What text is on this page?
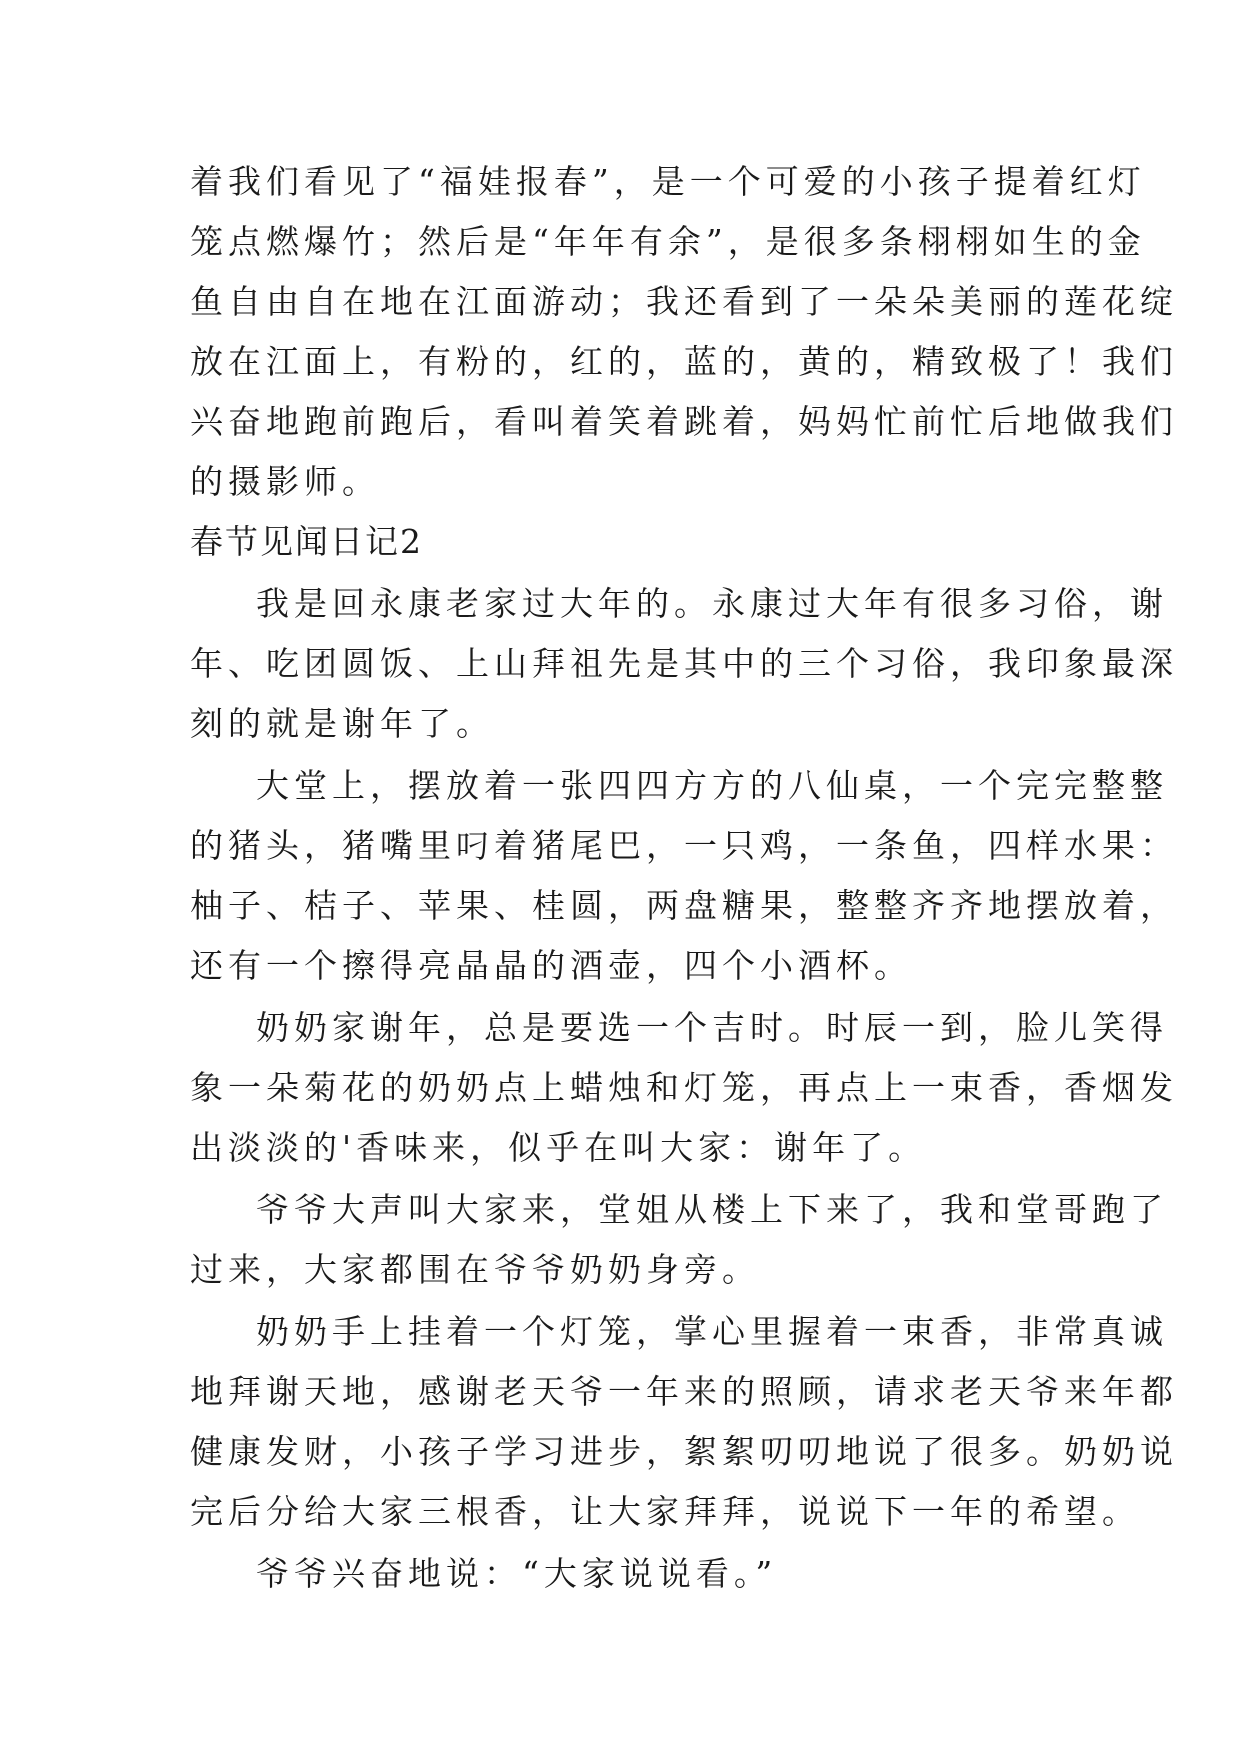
着我们看见了“福娃报春”，是一个可爱的小孩子提着红灯
笼点燃爆竹；然后是“年年有余”，是很多条栩栩如生的金
鱼自由自在地在江面游动；我还看到了一朵朵美丽的莲花绽
放在江面上，有粉的，红的，蓝的，黄的，精致极了！我们
兴奋地跑前跑后，看叫着笑着跳着，妈妈忙前忙后地做我们
的摄影师。
春节见闻日记2
我是回永康老家过大年的。永康过大年有很多习俗，谢
年、吃团圆饭、上山拜祖先是其中的三个习俗，我印象最深
刻的就是谢年了。
大堂上，摆放着一张四四方方的八仙桌，一个完完整整
的猪头，猪嘴里叼着猪尾巴，一只鸡，一条鱼，四样水果：
柚子、桔子、苹果、桂圆，两盘糖果，整整齐齐地摆放着，
还有一个擦得亮晶晶的酒壶，四个小酒杯。
奶奶家谢年，总是要选一个吉时。时辰一到，脸儿笑得
象一朵菊花的奶奶点上蜡烛和灯笼，再点上一束香，香烟发
出淡淡的'香味来，似乎在叫大家：谢年了。
爷爷大声叫大家来，堂姐从楼上下来了，我和堂哥跑了
过来，大家都围在爷爷奶奶身旁。
奶奶手上挂着一个灯笼，掌心里握着一束香，非常真诚
地拜谢天地，感谢老天爷一年来的照顾，请求老天爷来年都
健康发财，小孩子学习进步，絮絮叨叨地说了很多。奶奶说
完后分给大家三根香，让大家拜拜，说说下一年的希望。
爷爷兴奋地说：“大家说说看。”
